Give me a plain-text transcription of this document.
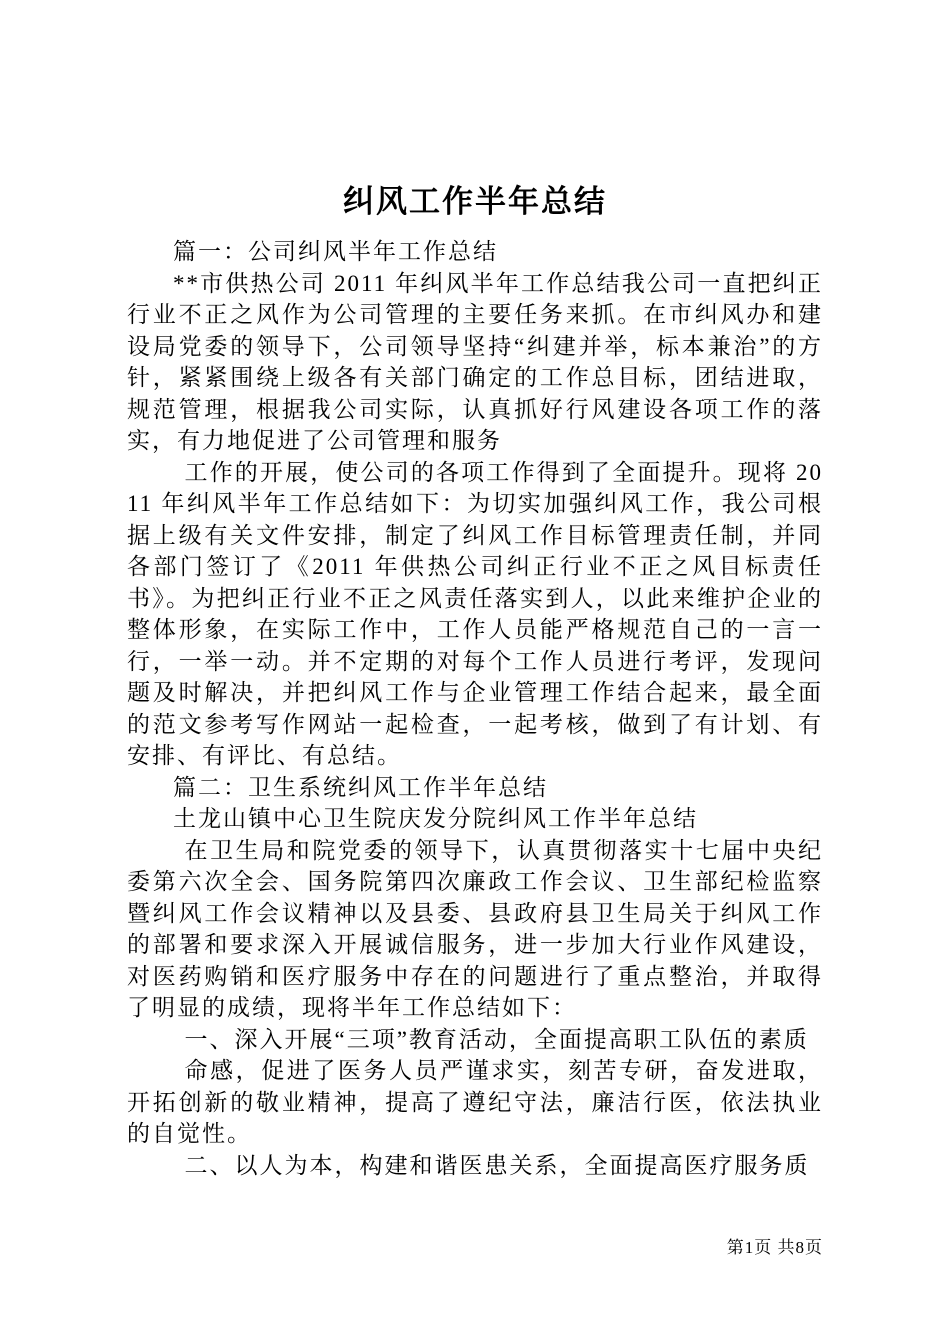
纠风工作半年总结

篇一：公司纠风半年工作总结

**市供热公司 2011 年纠风半年工作总结我公司一直把纠正行业不正之风作为公司管理的主要任务来抓。在市纠风办和建设局党委的领导下，公司领导坚持“纠建并举，标本兼治”的方针，紧紧围绕上级各有关部门确定的工作总目标，团结进取，规范管理，根据我公司实际，认真抓好行风建设各项工作的落实，有力地促进了公司管理和服务

工作的开展，使公司的各项工作得到了全面提升。现将 2011 年纠风半年工作总结如下：为切实加强纠风工作，我公司根据上级有关文件安排，制定了纠风工作目标管理责任制，并同各部门签订了《2011 年供热公司纠正行业不正之风目标责任书》。为把纠正行业不正之风责任落实到人，以此来维护企业的整体形象，在实际工作中，工作人员能严格规范自己的一言一行，一举一动。并不定期的对每个工作人员进行考评，发现问题及时解决，并把纠风工作与企业管理工作结合起来，最全面的范文参考写作网站一起检查，一起考核，做到了有计划、有安排、有评比、有总结。

篇二：卫生系统纠风工作半年总结

土龙山镇中心卫生院庆发分院纠风工作半年总结

在卫生局和院党委的领导下，认真贯彻落实十七届中央纪委第六次全会、国务院第四次廉政工作会议、卫生部纪检监察暨纠风工作会议精神以及县委、县政府县卫生局关于纠风工作的部署和要求深入开展诚信服务，进一步加大行业作风建设，对医药购销和医疗服务中存在的问题进行了重点整治，并取得了明显的成绩，现将半年工作总结如下：

一、深入开展“三项”教育活动，全面提高职工队伍的素质

命感，促进了医务人员严谨求实，刻苦专研，奋发进取，开拓创新的敬业精神，提高了遵纪守法，廉洁行医，依法执业的自觉性。

二、以人为本，构建和谐医患关系，全面提高医疗服务质

第1页 共8页
